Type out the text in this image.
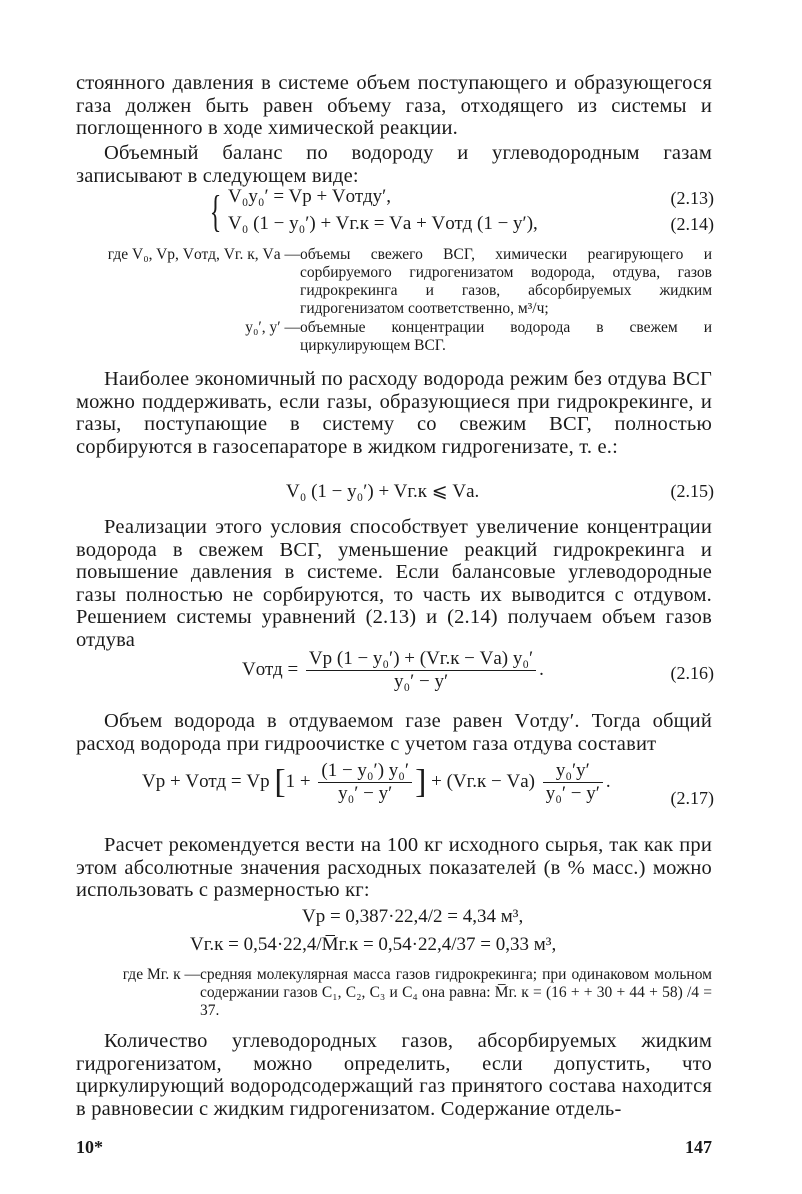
стоянного давления в системе объем поступающего и образующегося газа должен быть равен объему газа, отходящего из системы и поглощенного в ходе химической реакции.
Объемный баланс по водороду и углеводородным газам записывают в следующем виде:
{ V₀y₀′ = Vр + Vотдy′,	(2.13)
V₀ (1 − y₀′) + Vг.к = Vа + Vотд (1 − y′),	(2.14)
где V₀, Vр, Vотд, Vг. к, Vа — объемы свежего ВСГ, химически реагирующего и сорбируемого гидрогенизатом водорода, отдува, газов гидрокрекинга и газов, абсорбируемых жидким гидрогенизатом соответственно, м³/ч;
y₀′, y′ — объемные концентрации водорода в свежем и циркулирующем ВСГ.
Наиболее экономичный по расходу водорода режим без отдува ВСГ можно поддерживать, если газы, образующиеся при гидрокрекинге, и газы, поступающие в систему со свежим ВСГ, полностью сорбируются в газосепараторе в жидком гидрогенизате, т. е.:
V₀ (1 − y₀′) + Vг.к ⩽ Vа.	(2.15)
Реализации этого условия способствует увеличение концентрации водорода в свежем ВСГ, уменьшение реакций гидрокрекинга и повышение давления в системе. Если балансовые углеводородные газы полностью не сорбируются, то часть их выводится с отдувом. Решением системы уравнений (2.13) и (2.14) получаем объем газов отдува
Vотд = $\frac{\text{Vр (1 − y₀′) + (Vг.к − Vа) y₀′}}{\text{y₀′ − y′}}$ .	(2.16)
Объем водорода в отдуваемом газе равен Vотдy′. Тогда общий расход водорода при гидроочистке с учетом газа отдува составит
Vр + Vотд = Vр [$1 + \frac{\text{(1 − y₀′) y₀′}}{\text{y₀′ − y′}}$ ] + $(Vг.к - Vа) \frac{\text{y₀′y′}}{\text{y₀′ − y′}}$ .
(2.17)
Расчет рекомендуется вести на 100 кг исходного сырья, так как при этом абсолютные значения расходных показателей (в % масс.) можно использовать с размерностью кг:
Vр = 0,387·22,4/2 = 4,34 м³,
Vг.к = 0,54·22,4/M̅г.к = 0,54·22,4/37 = 0,33 м³,
где Mг. к — средняя молекулярная масса газов гидрокрекинга; при одинаковом мольном содержании газов C₁, C₂, C₃ и C₄ она равна: M̅г. к = (16 + + 30 + 44 + 58) /4 = 37.
Количество углеводородных газов, абсорбируемых жидким гидрогенизатом, можно определить, если допустить, что циркулирующий водородсодержащий газ принятого состава находится в равновесии с жидким гидрогенизатом. Содержание отдель-
10*	147
